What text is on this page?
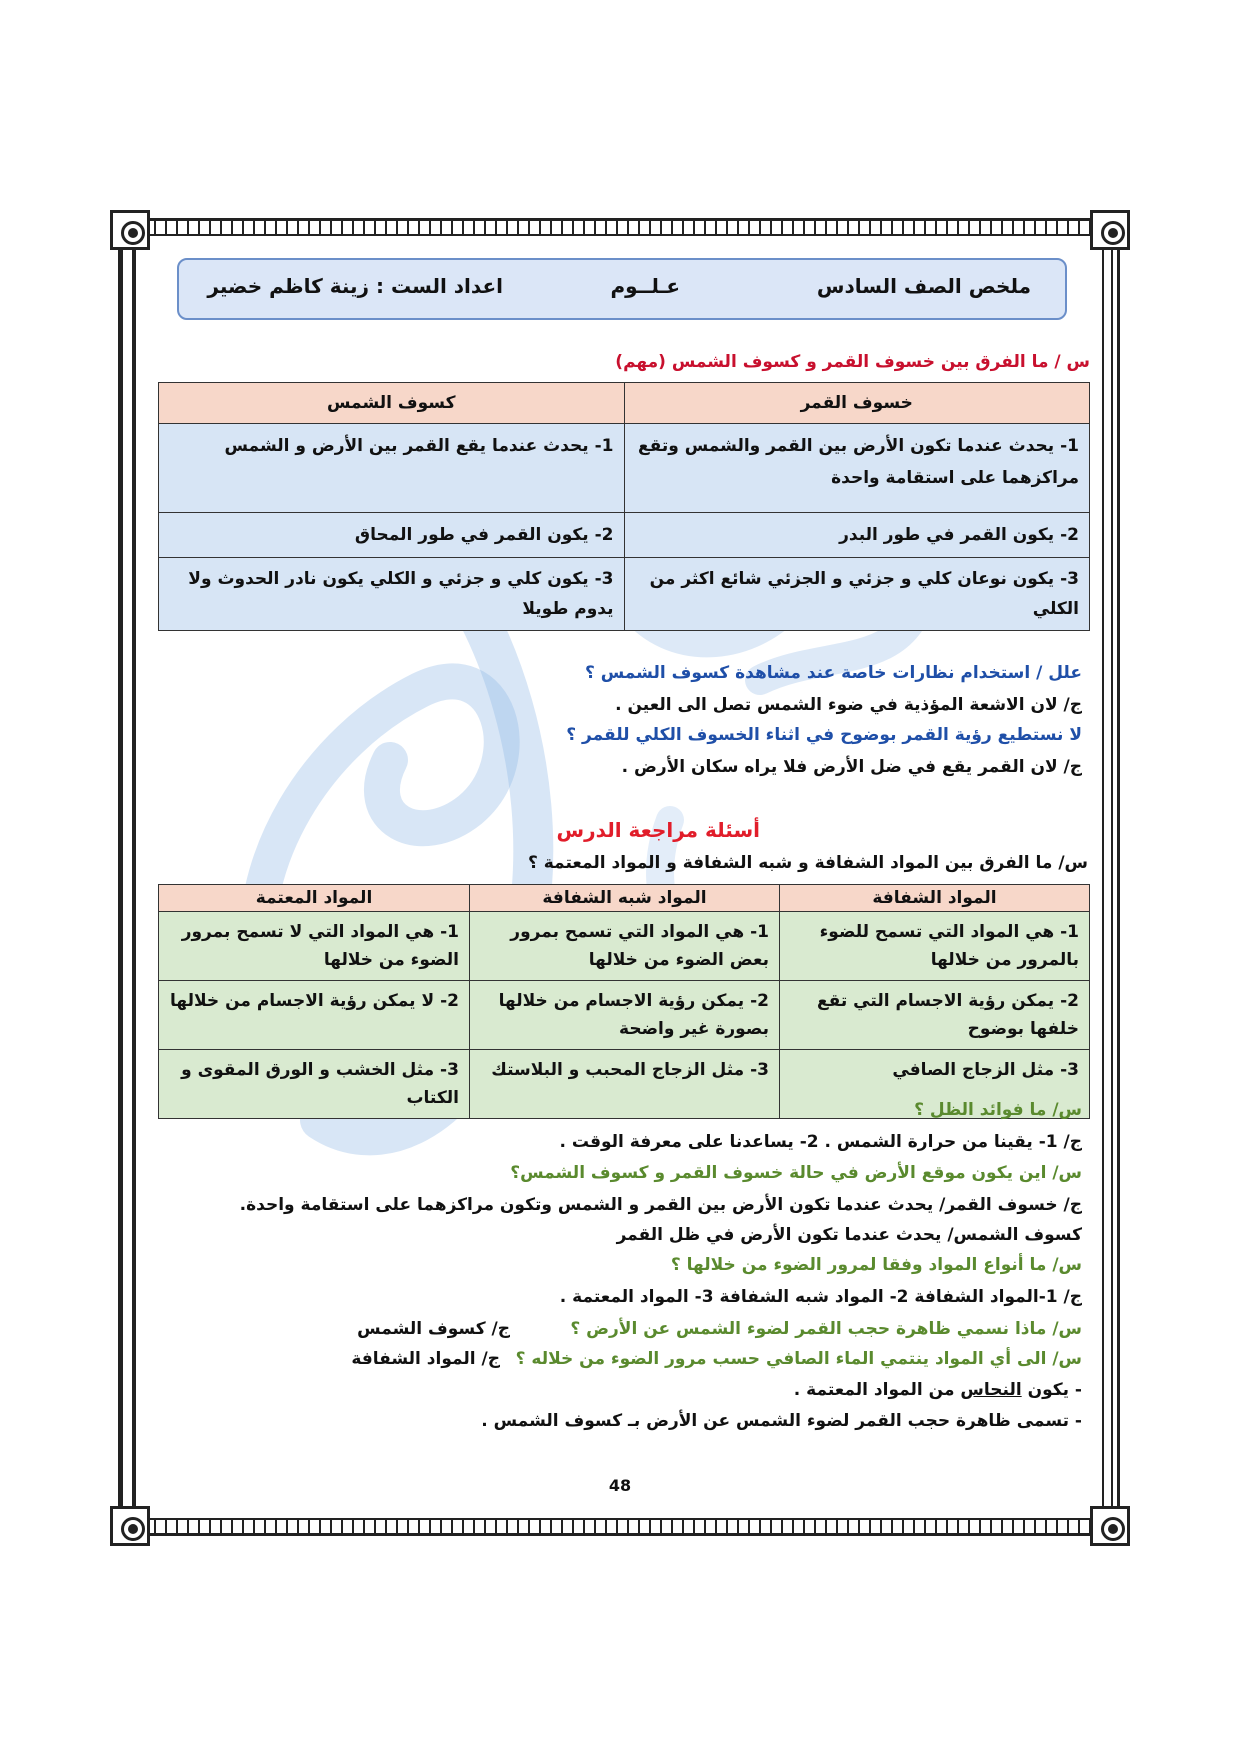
ملخص الصف السادس
عـلــوم
اعداد الست : زينة كاظم خضير
س / ما الفرق بين خسوف القمر و كسوف الشمس (مهم)
خسوف القمر	كسوف الشمس
1- يحدث عندما تكون الأرض بين القمر والشمس وتقع مراكزهما على استقامة واحدة	1- يحدث عندما يقع القمر بين الأرض و الشمس
2- يكون القمر في طور البدر	2- يكون القمر في طور المحاق
3- يكون نوعان كلي و جزئي و الجزئي شائع اكثر من الكلي	3- يكون كلي و جزئي و الكلي يكون نادر الحدوث ولا يدوم طويلا
علل / استخدام نظارات خاصة عند مشاهدة كسوف الشمس ؟
ج/ لان الاشعة المؤذية في ضوء الشمس تصل الى العين .
لا نستطيع رؤية القمر بوضوح في اثناء الخسوف الكلي للقمر ؟
ج/ لان القمر يقع في ضل الأرض فلا يراه سكان الأرض .
أسئلة مراجعة الدرس
س/ ما الفرق بين المواد الشفافة و شبه الشفافة و المواد المعتمة ؟
المواد الشفافة	المواد شبه الشفافة	المواد المعتمة
1- هي المواد التي تسمح للضوء بالمرور من خلالها	1- هي المواد التي تسمح بمرور بعض الضوء من خلالها	1- هي المواد التي لا تسمح بمرور الضوء من خلالها
2- يمكن رؤية الاجسام التي تقع خلفها بوضوح	2- يمكن رؤية الاجسام من خلالها بصورة غير واضحة	2- لا يمكن رؤية الاجسام من خلالها
3- مثل الزجاج الصافي	3- مثل الزجاج المحبب و البلاستك	3- مثل الخشب و الورق المقوى و الكتاب
س/ ما فوائد الظل ؟
ج/ 1- يقينا من حرارة الشمس . 2- يساعدنا على معرفة الوقت .
س/ اين يكون موقع الأرض في حالة خسوف القمر و كسوف الشمس؟
ج/ خسوف القمر/ يحدث عندما تكون الأرض بين القمر و الشمس وتكون مراكزهما على استقامة واحدة.
كسوف الشمس/ يحدث عندما تكون الأرض في ظل القمر
س/ ما أنواع المواد وفقا لمرور الضوء من خلالها ؟
ج/ 1-المواد الشفافة 2- المواد شبه الشفافة 3- المواد المعتمة .
س/ ماذا نسمي ظاهرة حجب القمر لضوء الشمس عن الأرض ؟
ج/ كسوف الشمس
س/ الى أي المواد ينتمي الماء الصافي حسب مرور الضوء من خلاله ؟
ج/ المواد الشفافة
- يكون النحاس من المواد المعتمة .
- تسمى ظاهرة حجب القمر لضوء الشمس عن الأرض بـ كسوف الشمس .
48
